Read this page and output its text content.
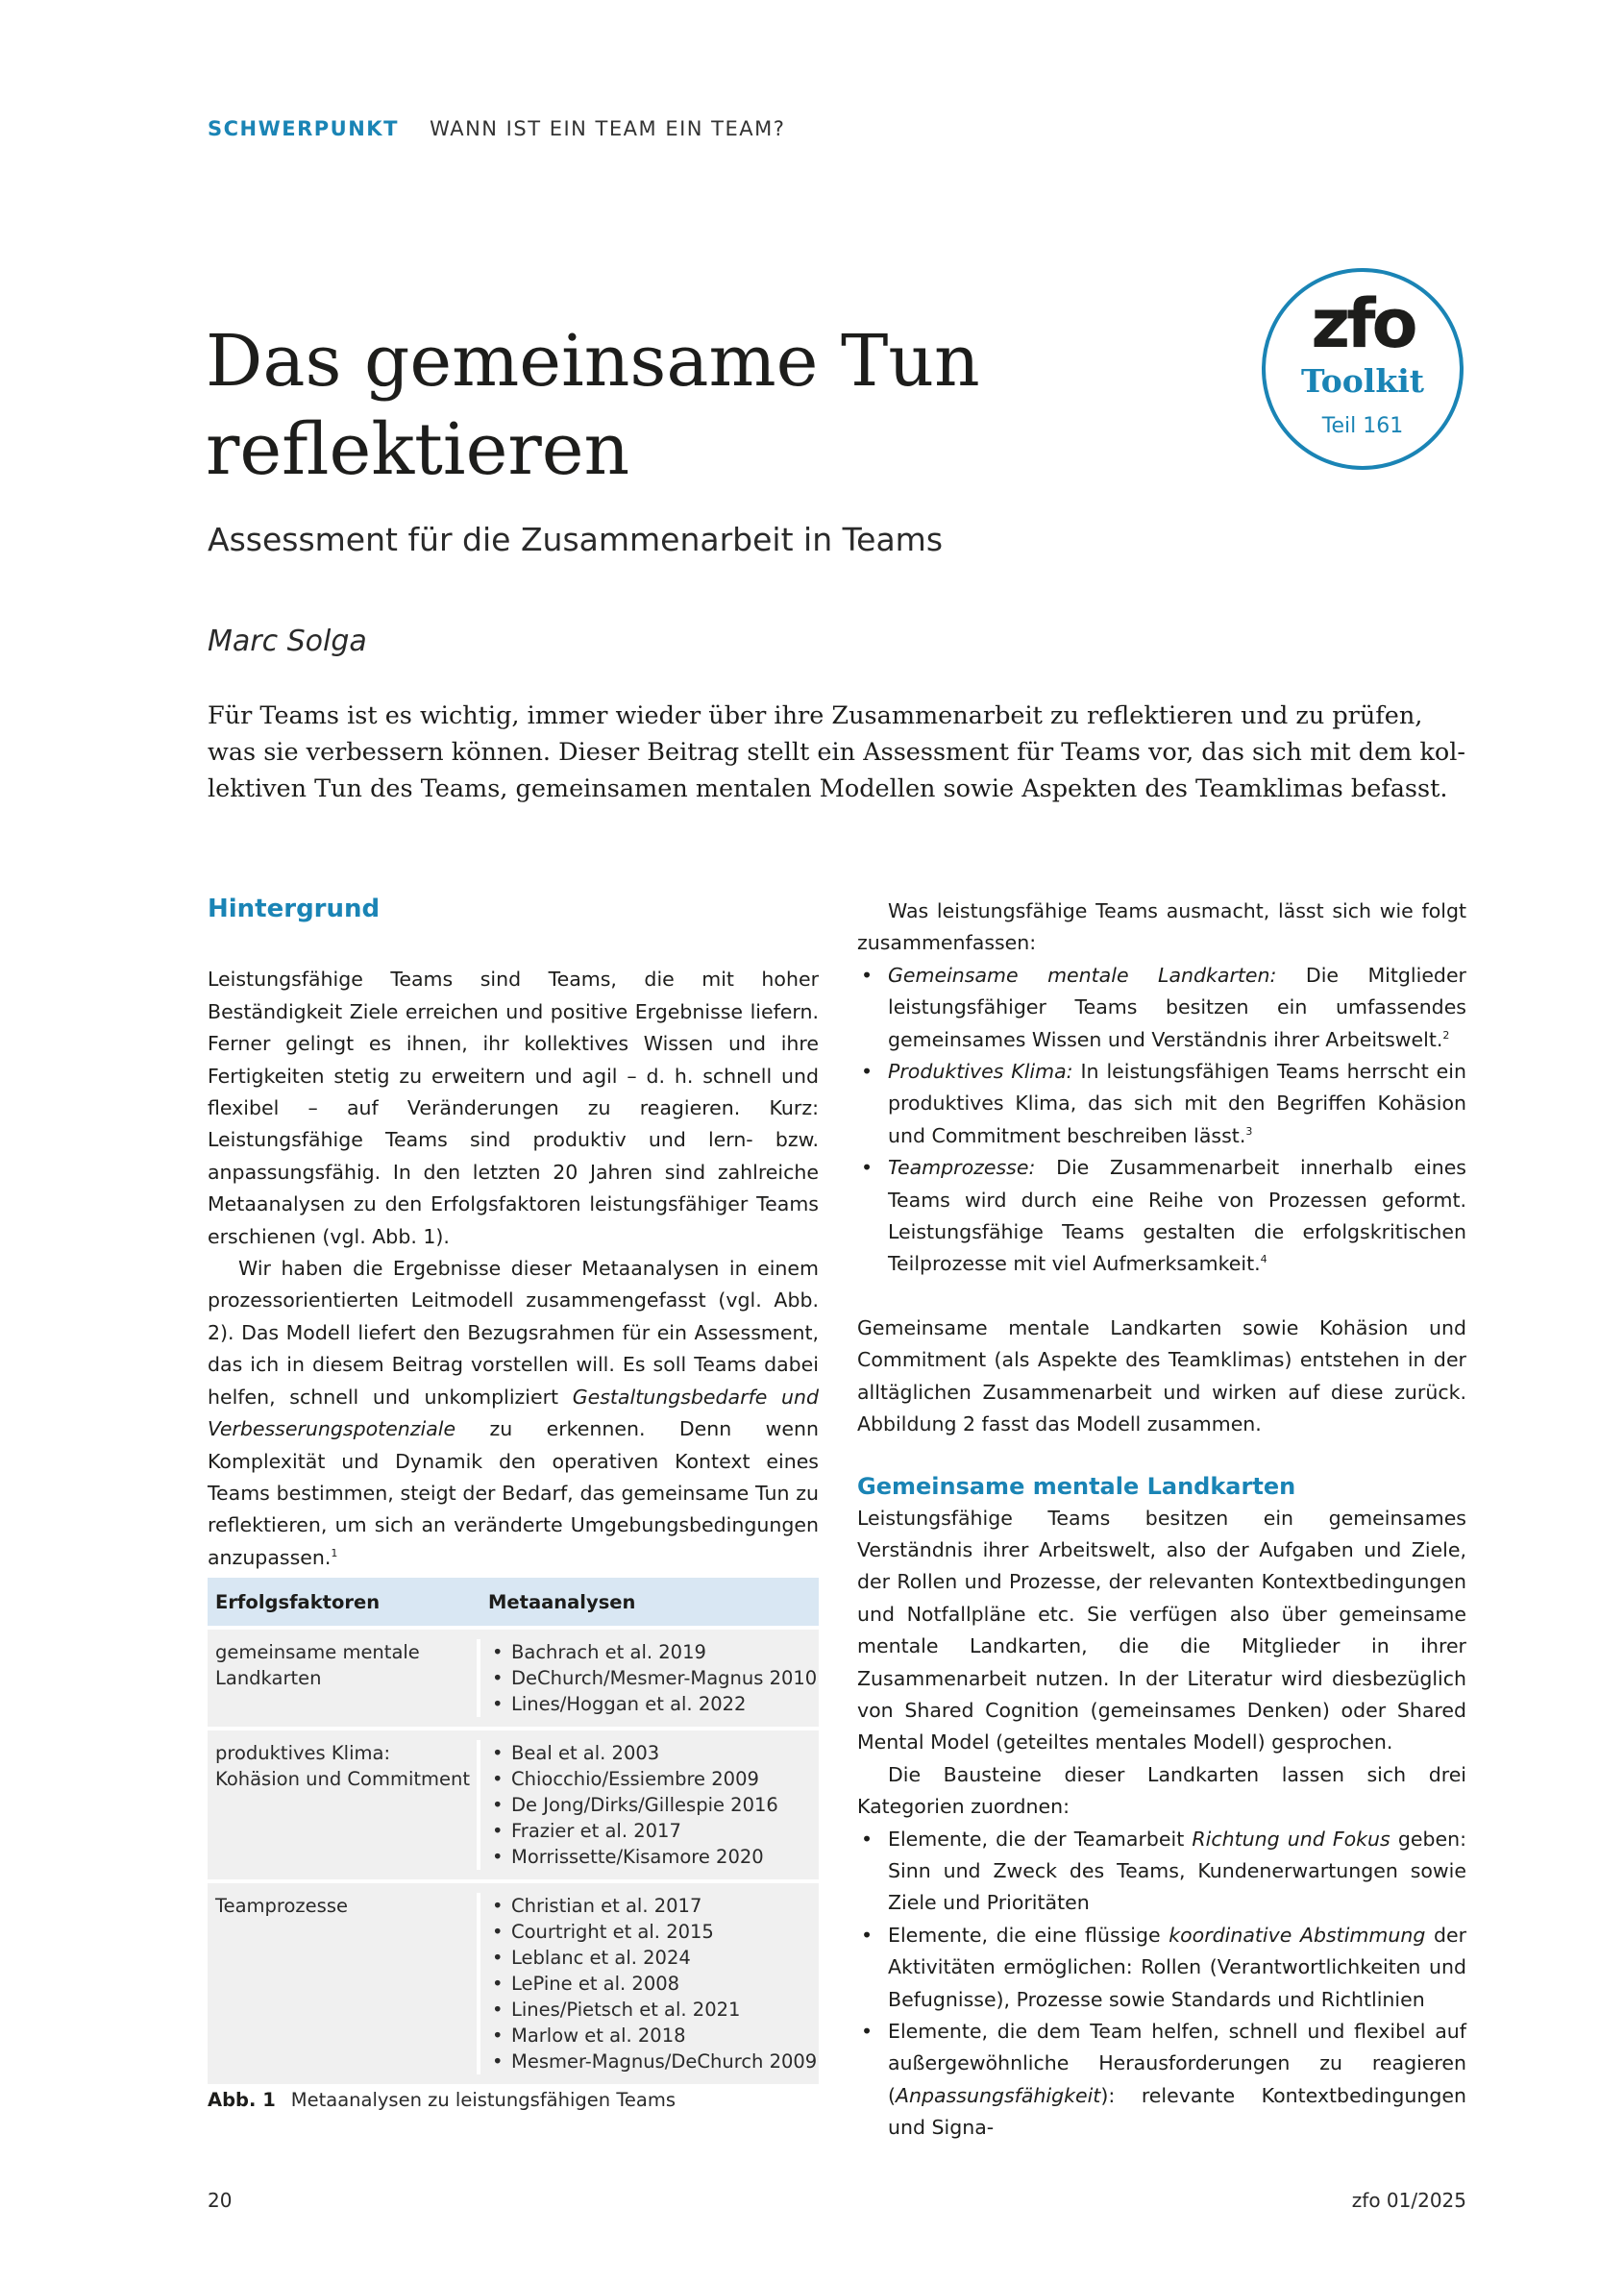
SCHWERPUNKT WANN IST EIN TEAM EIN TEAM?
zfo
Toolkit
Teil 161
Das gemeinsame Tun
reflektieren
Assessment für die Zusammenarbeit in Teams
Marc Solga
Für Teams ist es wichtig, immer wieder über ihre Zusammenarbeit zu reflektieren und zu prüfen,
was sie verbessern können. Dieser Beitrag stellt ein Assessment für Teams vor, das sich mit dem kol-
lektiven Tun des Teams, gemeinsamen mentalen Modellen sowie Aspekten des Teamklimas befasst.
Hintergrund

Leistungsfähige Teams sind Teams, die mit hoher Beständigkeit Ziele erreichen und positive Ergebnisse liefern. Ferner gelingt es ihnen, ihr kollektives Wissen und ihre Fertigkeiten stetig zu erweitern und agil – d. h. schnell und flexibel – auf Veränderungen zu reagieren. Kurz: Leistungsfähige Teams sind produktiv und lern- bzw. anpassungsfähig. In den letzten 20 Jahren sind zahlreiche Metaanalysen zu den Erfolgsfaktoren leistungsfähiger Teams erschienen (vgl. Abb. 1).

Wir haben die Ergebnisse dieser Metaanalysen in einem prozessorientierten Leitmodell zusammengefasst (vgl. Abb. 2). Das Modell liefert den Bezugsrahmen für ein Assessment, das ich in diesem Beitrag vorstellen will. Es soll Teams dabei helfen, schnell und unkompliziert Gestaltungsbedarfe und Verbesserungspotenziale zu erkennen. Denn wenn Komplexität und Dynamik den operativen Kontext eines Teams bestimmen, steigt der Bedarf, das gemeinsame Tun zu reflektieren, um sich an veränderte Umgebungsbedingungen anzupassen.$^1$

Erfolgsfaktoren	Metaanalysen
gemeinsame mentale Landkarten
• Bachrach et al. 2019
• DeChurch/Mesmer-Magnus 2010
• Lines/Hoggan et al. 2022
produktives Klima: Kohäsion und Commitment
• Beal et al. 2003
• Chiocchio/Essiembre 2009
• De Jong/Dirks/Gillespie 2016
• Frazier et al. 2017
• Morrissette/Kisamore 2020
Teamprozesse
•	Christian et al. 2017
• Courtright et al. 2015
• Leblanc et al. 2024
• LePine et al. 2008
• Lines/Pietsch et al. 2021
• Marlow et al. 2018
• Mesmer-Magnus/DeChurch 2009
Abb. 1 Metaanalysen zu leistungsfähigen Teams

Was leistungsfähige Teams ausmacht, lässt sich wie folgt zusammenfassen:

• Gemeinsame mentale Landkarten: Die Mitglieder leistungsfähiger Teams besitzen ein umfassendes gemeinsames Wissen und Verständnis ihrer Arbeitswelt.$^2$
• Produktives Klima: In leistungsfähigen Teams herrscht ein produktives Klima, das sich mit den Begriffen Kohäsion und Commitment beschreiben lässt.$^3$
• Teamprozesse: Die Zusammenarbeit innerhalb eines Teams wird durch eine Reihe von Prozessen geformt. Leistungsfähige Teams gestalten die erfolgskritischen Teilprozesse mit viel Aufmerksamkeit.$^4$

Gemeinsame mentale Landkarten sowie Kohäsion und Commitment (als Aspekte des Teamklimas) entstehen in der alltäglichen Zusammenarbeit und wirken auf diese zurück. Abbildung 2 fasst das Modell zusammen.

Gemeinsame mentale Landkarten

Leistungsfähige Teams besitzen ein gemeinsames Verständnis ihrer Arbeitswelt, also der Aufgaben und Ziele, der Rollen und Prozesse, der relevanten Kontextbedingungen und Notfallpläne etc. Sie verfügen also über gemeinsame mentale Landkarten, die die Mitglieder in ihrer Zusammenarbeit nutzen. In der Literatur wird diesbezüglich von Shared Cognition (gemeinsames Denken) oder Shared Mental Model (geteiltes mentales Modell) gesprochen.

Die Bausteine dieser Landkarten lassen sich drei Kategorien zuordnen:

• Elemente, die der Teamarbeit Richtung und Fokus geben: Sinn und Zweck des Teams, Kundenerwartungen sowie Ziele und Prioritäten
• Elemente, die eine flüssige koordinative Abstimmung der Aktivitäten ermöglichen: Rollen (Verantwortlichkeiten und Befugnisse), Prozesse sowie Standards und Richtlinien
• Elemente, die dem Team helfen, schnell und flexibel auf außergewöhnliche Herausforderungen zu reagieren (Anpassungsfähigkeit): relevante Kontextbedingungen und Signa-
20	zfo 01/2025
